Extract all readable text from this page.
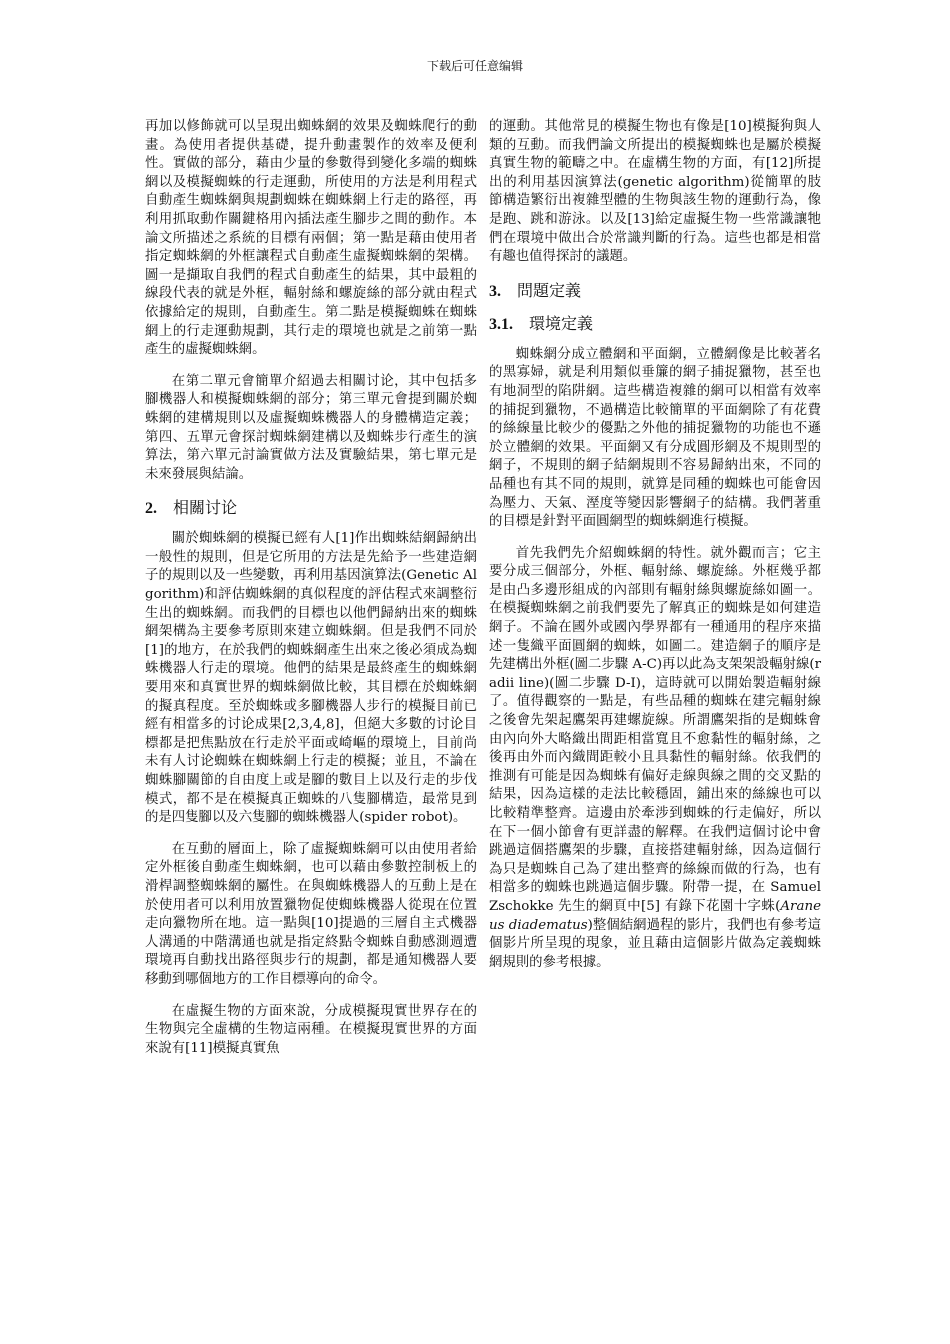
下载后可任意编辑

再加以修飾就可以呈現出蜘蛛網的效果及蜘蛛爬行的動畫。為使用者提供基礎，提升動畫製作的效率及便利性。實做的部分，藉由少量的參數得到變化多端的蜘蛛網以及模擬蜘蛛的行走運動，所使用的方法是利用程式自動產生蜘蛛網與規劃蜘蛛在蜘蛛網上行走的路徑，再利用抓取動作關鍵格用內插法產生腳步之間的動作。本論文所描述之系統的目標有兩個；第一點是藉由使用者指定蜘蛛網的外框讓程式自動產生虛擬蜘蛛網的架構。圖一是擷取自我們的程式自動產生的結果，其中最粗的線段代表的就是外框，輻射絲和螺旋絲的部分就由程式依據給定的規則，自動產生。第二點是模擬蜘蛛在蜘蛛網上的行走運動規劃，其行走的環境也就是之前第一點產生的虛擬蜘蛛網。

在第二單元會簡單介紹過去相關讨论，其中包括多腳機器人和模擬蜘蛛網的部分；第三單元會提到關於蜘蛛網的建構規則以及虛擬蜘蛛機器人的身體構造定義；第四、五單元會探討蜘蛛網建構以及蜘蛛步行產生的演算法，第六單元討論實做方法及實驗結果，第七單元是未來發展與結論。

2. 相關讨论

關於蜘蛛網的模擬已經有人[1]作出蜘蛛結網歸納出一般性的規則，但是它所用的方法是先給予一些建造網子的規則以及一些變數，再利用基因演算法(Genetic Algorithm)和評估蜘蛛網的真似程度的評估程式來調整衍生出的蜘蛛網。而我們的目標也以他們歸納出來的蜘蛛網架構為主要參考原則來建立蜘蛛網。但是我們不同於[1]的地方，在於我們的蜘蛛網產生出來之後必須成為蜘蛛機器人行走的環境。他們的結果是最終產生的蜘蛛網要用來和真實世界的蜘蛛網做比較，其目標在於蜘蛛網的擬真程度。至於蜘蛛或多腳機器人步行的模擬目前已經有相當多的讨论成果[2,3,4,8]，但絕大多數的讨论目標都是把焦點放在行走於平面或崎嶇的環境上，目前尚未有人讨论蜘蛛在蜘蛛網上行走的模擬；並且，不論在蜘蛛腳關節的自由度上或是腳的數目上以及行走的步伐模式，都不是在模擬真正蜘蛛的八隻腳構造，最常見到的是四隻腳以及六隻腳的蜘蛛機器人(spider robot)。

在互動的層面上，除了虛擬蜘蛛網可以由使用者給定外框後自動產生蜘蛛網，也可以藉由參數控制板上的滑桿調整蜘蛛網的屬性。在與蜘蛛機器人的互動上是在於使用者可以利用放置獵物促使蜘蛛機器人從現在位置走向獵物所在地。這一點與[10]提過的三層自主式機器人溝通的中階溝通也就是指定終點令蜘蛛自動感測週遭環境再自動找出路徑與步行的規劃，都是通知機器人要移動到哪個地方的工作目標導向的命令。

在虛擬生物的方面來說，分成模擬現實世界存在的生物與完全虛構的生物這兩種。在模擬現實世界的方面來說有[11]模擬真實魚

的運動。其他常見的模擬生物也有像是[10]模擬狗與人類的互動。而我們論文所提出的模擬蜘蛛也是屬於模擬真實生物的範疇之中。在虛構生物的方面，有[12]所提出的利用基因演算法(genetic algorithm)從簡單的肢節構造繁衍出複雜型體的生物與該生物的運動行為，像是跑、跳和游泳。以及[13]給定虛擬生物一些常識讓牠們在環境中做出合於常識判斷的行為。這些也都是相當有趣也值得探討的議題。

3. 問題定義
3.1. 環境定義

蜘蛛網分成立體網和平面網，立體網像是比較著名的黑寡婦，就是利用類似垂簾的網子捕捉獵物，甚至也有地洞型的陷阱網。這些構造複雜的網可以相當有效率的捕捉到獵物，不過構造比較簡單的平面網除了有花費的絲線量比較少的優點之外他的捕捉獵物的功能也不遜於立體網的效果。平面網又有分成圓形網及不規則型的網子，不規則的網子結網規則不容易歸納出來，不同的品種也有其不同的規則，就算是同種的蜘蛛也可能會因為壓力、天氣、溼度等變因影響網子的結構。我們著重的目標是針對平面圓網型的蜘蛛網進行模擬。

首先我們先介紹蜘蛛網的特性。就外觀而言；它主要分成三個部分，外框、輻射絲、螺旋絲。外框幾乎都是由凸多邊形組成的內部則有輻射絲與螺旋絲如圖一。在模擬蜘蛛網之前我們要先了解真正的蜘蛛是如何建造網子。不論在國外或國內學界都有一種通用的程序來描述一隻織平面圓網的蜘蛛，如圖二。建造網子的順序是先建構出外框(圖二步驟 A-C)再以此為支架架設輻射線(radii line)(圖二步驟 D-I)，這時就可以開始製造輻射線了。值得觀察的一點是，有些品種的蜘蛛在建完輻射線之後會先架起鷹架再建螺旋線。所謂鷹架指的是蜘蛛會由內向外大略織出間距相當寬且不愈黏性的輻射絲，之後再由外而內織間距較小且具黏性的輻射絲。依我們的推測有可能是因為蜘蛛有偏好走線與線之間的交叉點的結果，因為這樣的走法比較穩固，鋪出來的絲線也可以比較精準整齊。這邊由於牽涉到蜘蛛的行走偏好，所以在下一個小節會有更詳盡的解釋。在我們這個讨论中會跳過這個搭鷹架的步驟，直接搭建輻射絲，因為這個行為只是蜘蛛自己為了建出整齊的絲線而做的行為，也有相當多的蜘蛛也跳過這個步驟。附帶一提，在 Samuel Zschokke 先生的網頁中[5] 有錄下花園十字蛛(Araneus diadematus)整個結網過程的影片，我們也有參考這個影片所呈現的現象，並且藉由這個影片做為定義蜘蛛網規則的參考根據。
